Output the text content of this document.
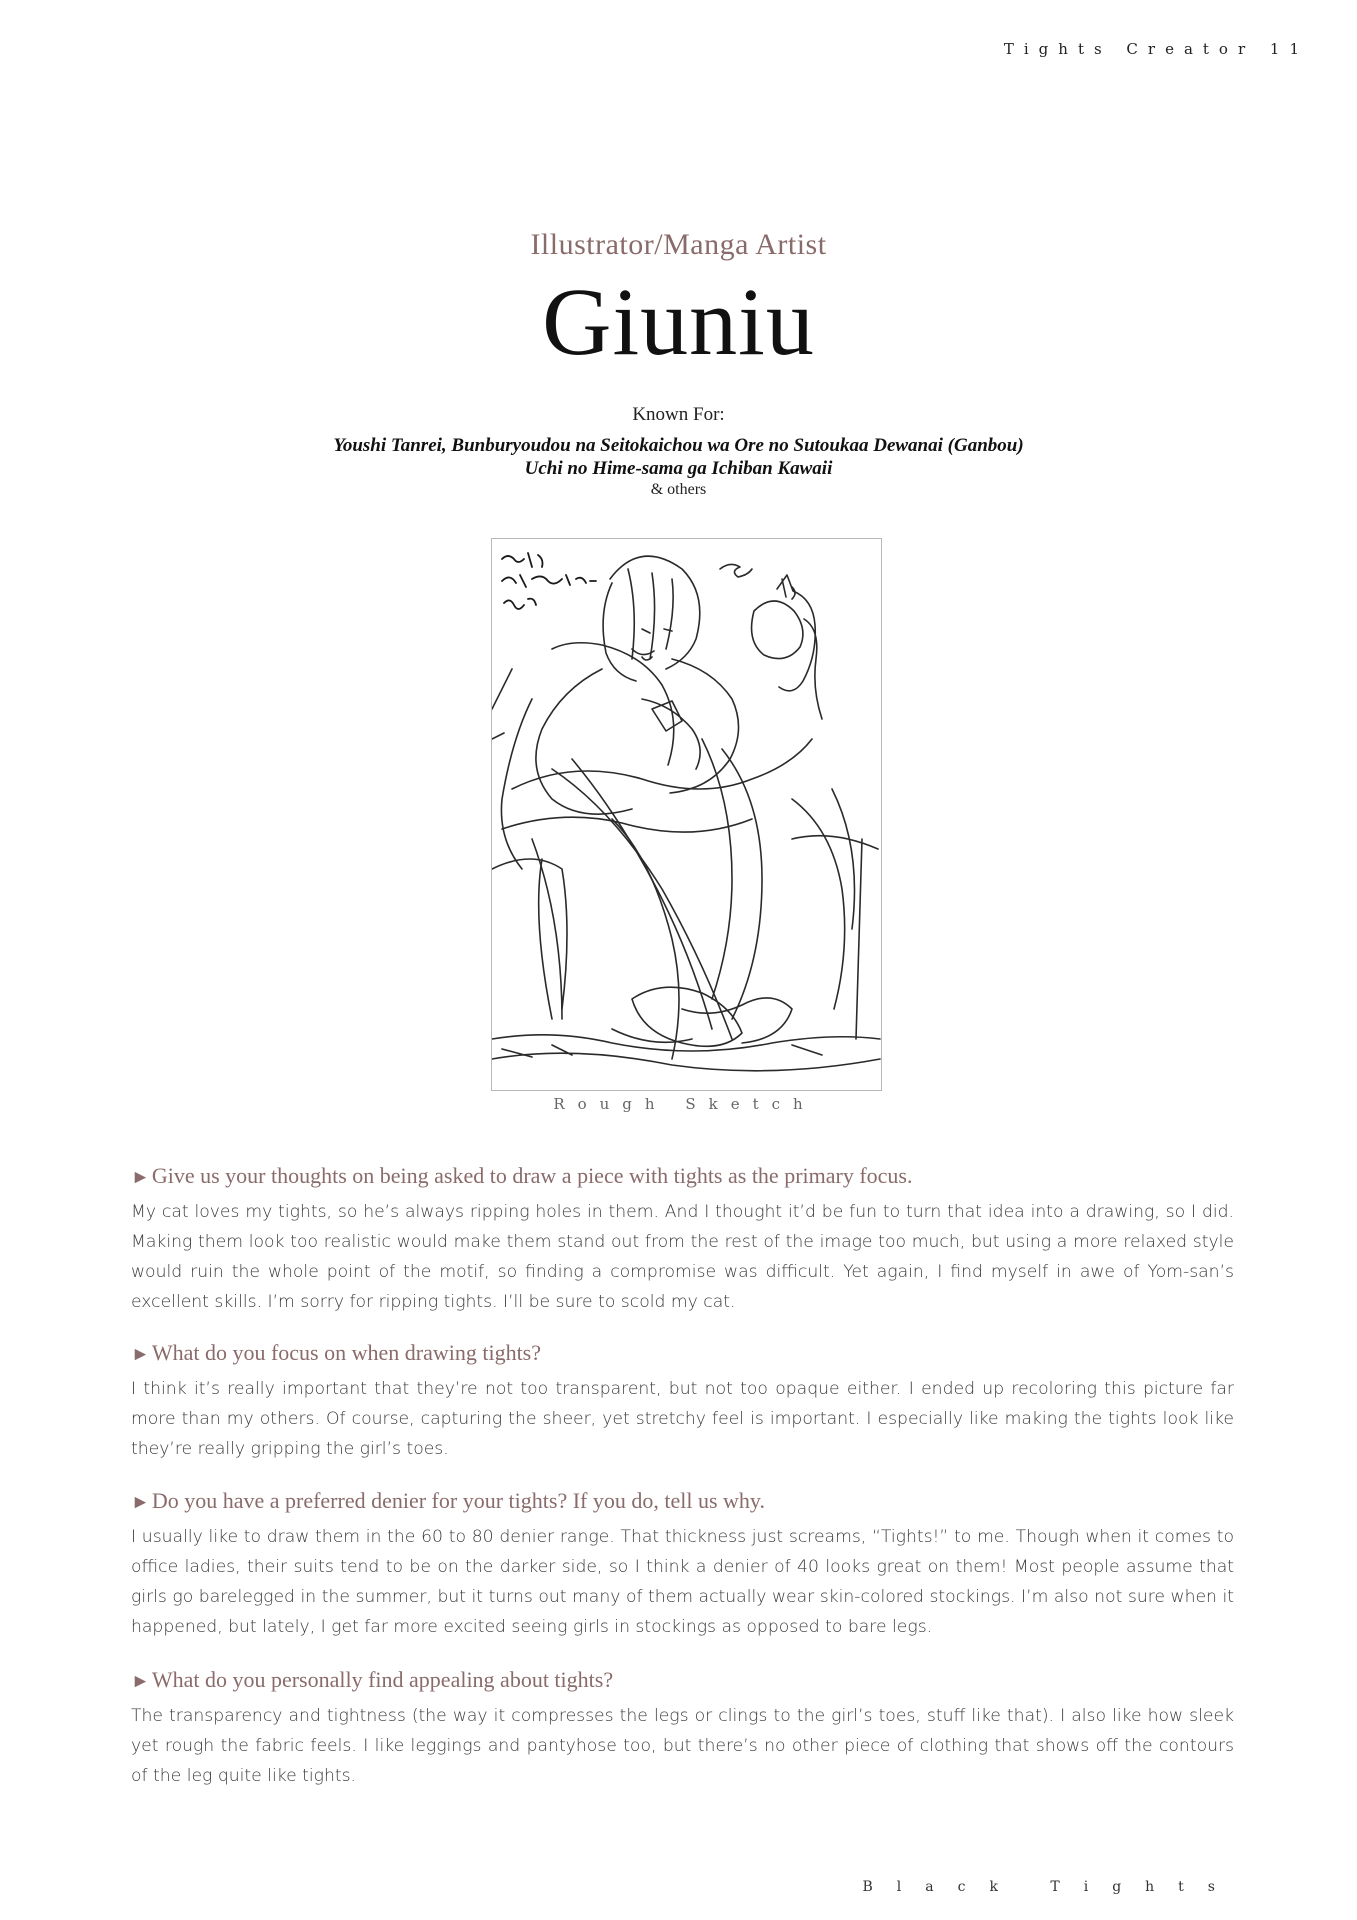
Tights Creator 11
Illustrator/Manga Artist
Giuniu
Known For:
Youshi Tanrei, Bunburyoudou na Seitokaichou wa Ore no Sutoukaa Dewanai (Ganbou)
Uchi no Hime-sama ga Ichiban Kawaii
& others
Rough Sketch
►Give us your thoughts on being asked to draw a piece with tights as the primary focus.

My cat loves my tights, so he’s always ripping holes in them. And I thought it’d be fun to turn that idea into a drawing, so I did. Making them look too realistic would make them stand out from the rest of the image too much, but using a more relaxed style would ruin the whole point of the motif, so finding a compromise was difficult. Yet again, I find myself in awe of Yom-san’s excellent skills. I’m sorry for ripping tights. I’ll be sure to scold my cat.

►What do you focus on when drawing tights?

I think it’s really important that they’re not too transparent, but not too opaque either. I ended up recoloring this picture far more than my others. Of course, capturing the sheer, yet stretchy feel is important. I especially like making the tights look like they’re really gripping the girl’s toes.

►Do you have a preferred denier for your tights? If you do, tell us why.

I usually like to draw them in the 60 to 80 denier range. That thickness just screams, “Tights!” to me. Though when it comes to office ladies, their suits tend to be on the darker side, so I think a denier of 40 looks great on them! Most people assume that girls go barelegged in the summer, but it turns out many of them actually wear skin-colored stockings. I’m also not sure when it happened, but lately, I get far more excited seeing girls in stockings as opposed to bare legs.

►What do you personally find appealing about tights?

The transparency and tightness (the way it compresses the legs or clings to the girl’s toes, stuff like that). I also like how sleek yet rough the fabric feels. I like leggings and pantyhose too, but there’s no other piece of clothing that shows off the contours of the leg quite like tights.

Black Tights
